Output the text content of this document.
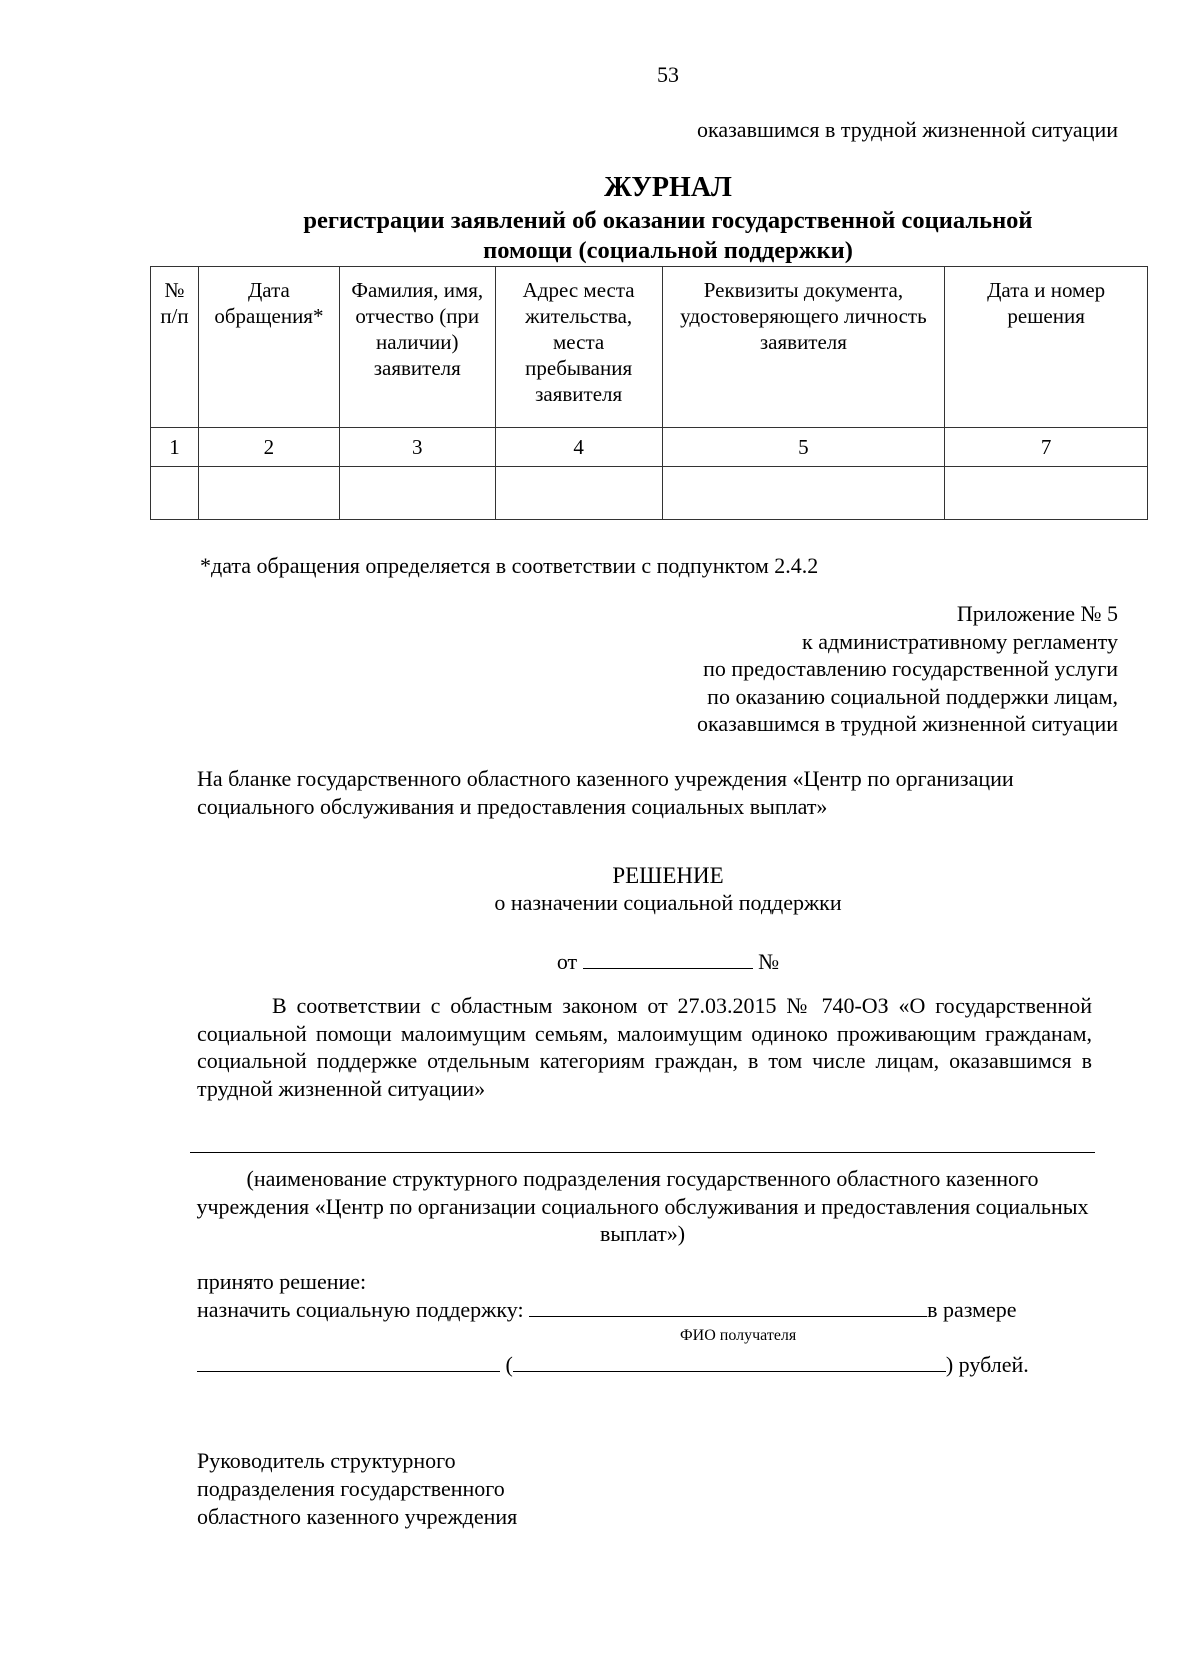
53
оказавшимся в трудной жизненной ситуации
ЖУРНАЛ
регистрации заявлений об оказании государственной социальной
помощи (социальной поддержки)
№ п/п	Дата обращения*	Фамилия, имя, отчество (при наличии) заявителя	Адрес места жительства, места пребывания заявителя	Реквизиты документа, удостоверяющего личность заявителя	Дата и номер решения
1	2	3	4	5	7

*дата обращения определяется в соответствии с подпунктом 2.4.2
Приложение № 5
к административному регламенту
по предоставлению государственной услуги
по оказанию социальной поддержки лицам,
оказавшимся в трудной жизненной ситуации
На бланке государственного областного казенного учреждения «Центр по организации социального обслуживания и предоставления социальных выплат»
РЕШЕНИЕ
о назначении социальной поддержки
от	№
В соответствии с областным законом от 27.03.2015 № 740-ОЗ «О государственной социальной помощи малоимущим семьям, малоимущим одиноко проживающим гражданам, социальной поддержке отдельным категориям граждан, в том числе лицам, оказавшимся в трудной жизненной ситуации»
(наименование структурного подразделения государственного областного казенного учреждения «Центр по организации социального обслуживания и предоставления социальных выплат»)
принято решение:
назначить социальную поддержку:	в размере
ФИО получателя
(	) рублей.
Руководитель структурного
подразделения государственного
областного казенного учреждения
